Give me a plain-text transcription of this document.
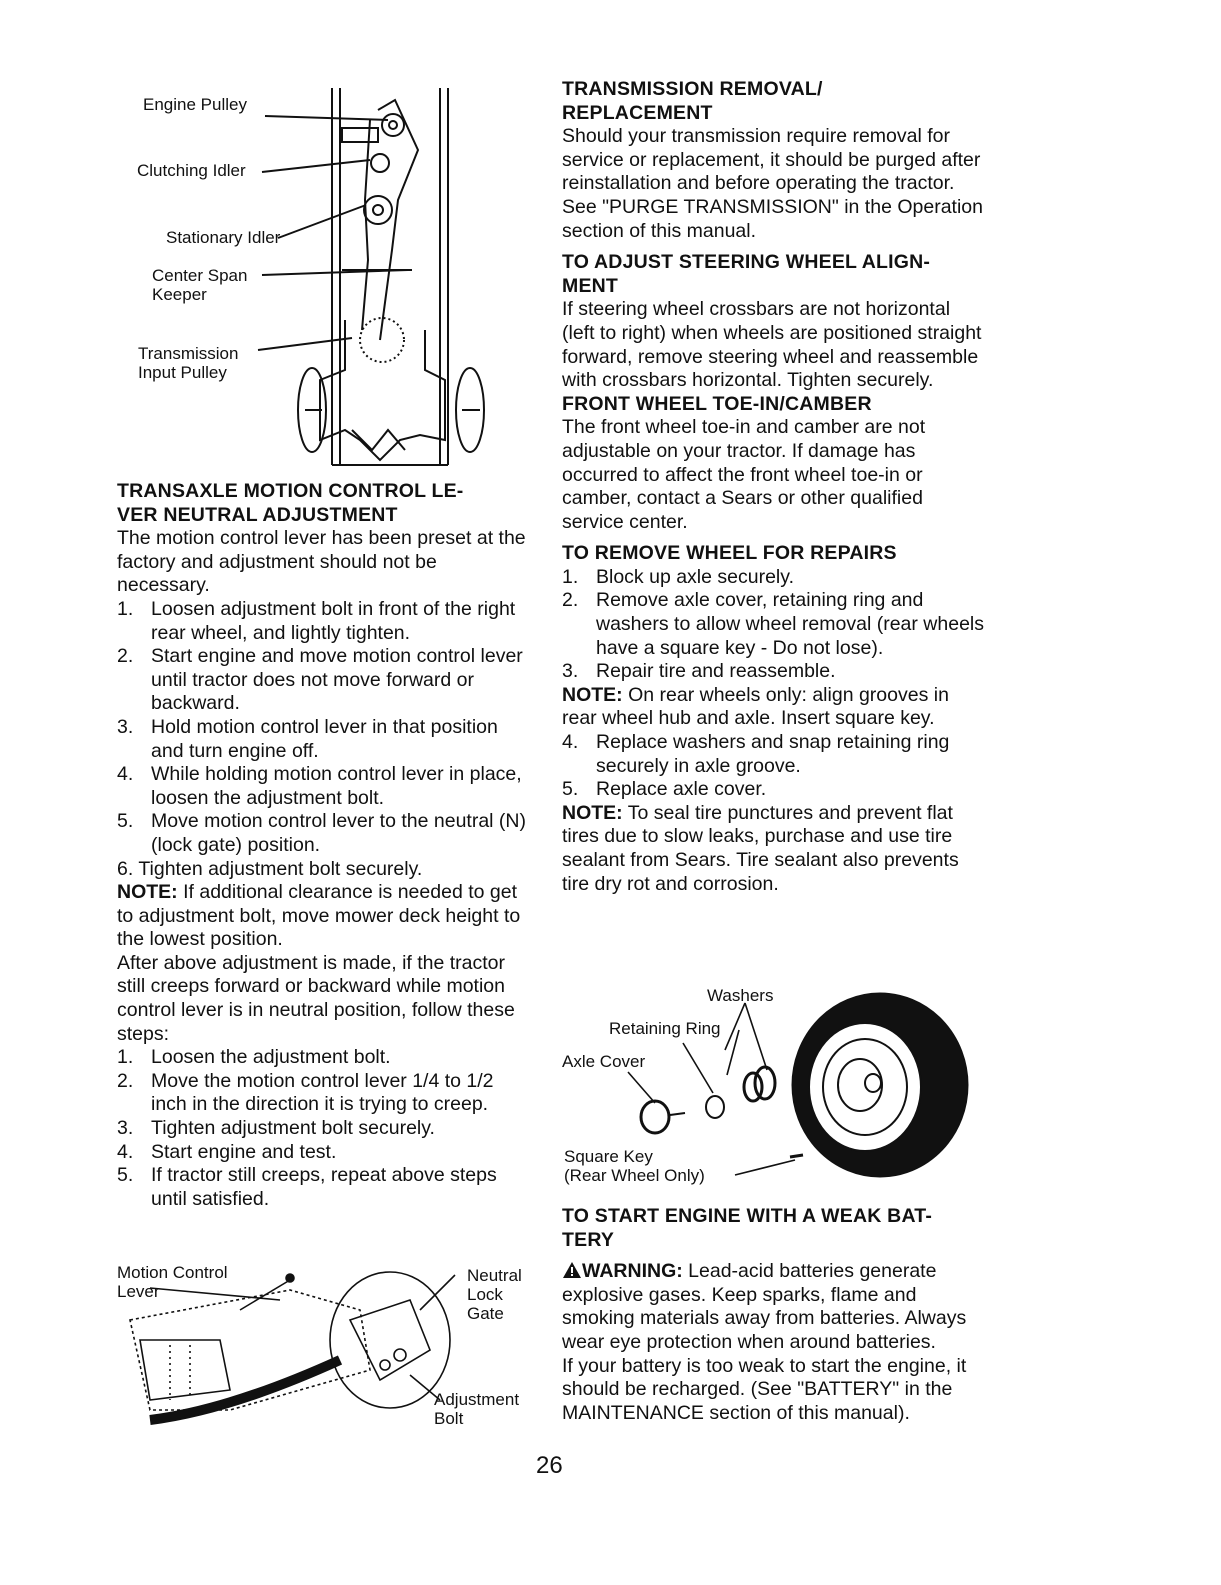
Engine Pulley
Clutching Idler
Stationary Idler
Center Span
Keeper
Transmission
Input Pulley
TRANSAXLE MOTION CONTROL LE-
VER NEUTRAL ADJUSTMENT

The motion control lever has been preset at the factory and adjustment should not be necessary.

1. Loosen adjustment bolt in front of the right rear wheel, and lightly tighten.
2. Start engine and move motion control lever until tractor does not move forward or backward.
3. Hold motion control lever in that position and turn engine off.
4. While holding motion control lever in place, loosen the adjustment bolt.
5. Move motion control lever to the neutral (N) (lock gate) position.
6. Tighten adjustment bolt securely.

NOTE: If additional clearance is needed to get to adjustment bolt, move mower deck height to the lowest position.

After above adjustment is made, if the tractor still creeps forward or backward while motion control lever is in neutral position, follow these steps:

1. Loosen the adjustment bolt.
2. Move the motion control lever 1/4 to 1/2 inch in the direction it is trying to creep.
3. Tighten adjustment bolt securely.
4. Start engine and test.
5. If tractor still creeps, repeat above steps until satisfied.
Motion Control
Lever
Neutral
Lock
Gate
Adjustment
Bolt
TRANSMISSION REMOVAL/
REPLACEMENT

Should your transmission require removal for service or replacement, it should be purged after reinstallation and before operating the tractor. See "PURGE TRANSMISSION" in the Operation section of this manual.

TO ADJUST STEERING WHEEL ALIGN-
MENT

If steering wheel crossbars are not horizontal (left to right) when wheels are positioned straight forward, remove steering wheel and reassemble with crossbars horizontal. Tighten securely.

FRONT WHEEL TOE-IN/CAMBER

The front wheel toe-in and camber are not adjustable on your tractor. If damage has occurred to affect the front wheel toe-in or camber, contact a Sears or other qualified service center.

TO REMOVE WHEEL FOR REPAIRS
1. Block up axle securely.
2. Remove axle cover, retaining ring and washers to allow wheel removal (rear wheels have a square key - Do not lose).
3. Repair tire and reassemble.

NOTE: On rear wheels only: align grooves in rear wheel hub and axle. Insert square key.

4. Replace washers and snap retaining ring securely in axle groove.
5. Replace axle cover.

NOTE: To seal tire punctures and prevent flat tires due to slow leaks, purchase and use tire sealant from Sears. Tire sealant also prevents tire dry rot and corrosion.

Washers
Retaining Ring
Axle Cover
Square Key
(Rear Wheel Only)
TO START ENGINE WITH A WEAK BAT-
TERY

WARNING: Lead-acid batteries generate explosive gases. Keep sparks, flame and smoking materials away from batteries. Always wear eye protection when around batteries.

If your battery is too weak to start the engine, it should be recharged. (See "BATTERY" in the MAINTENANCE section of this manual).

26
